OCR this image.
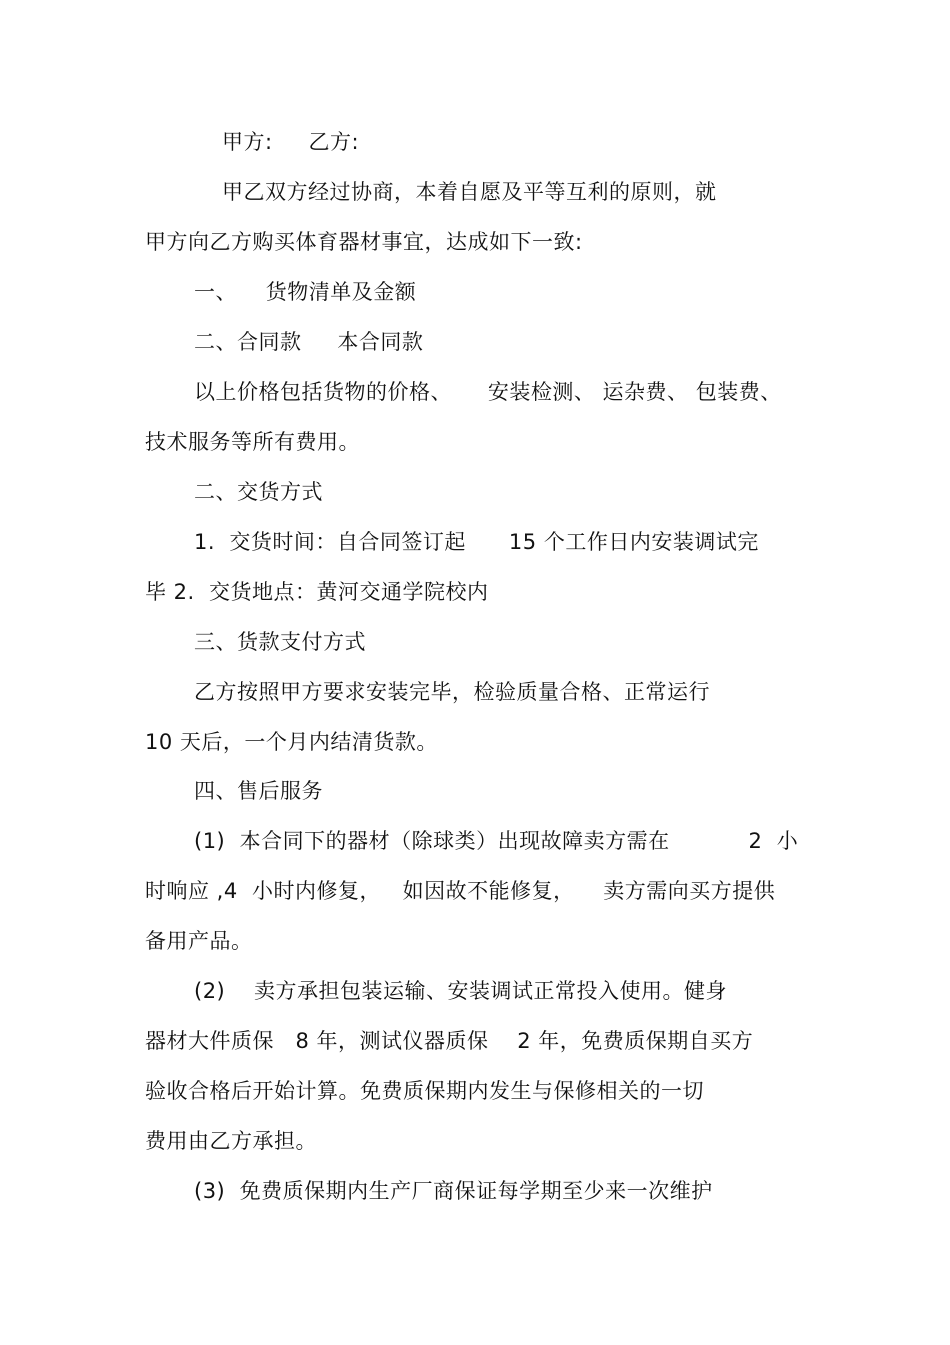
甲方:     乙方:
甲乙双方经过协商，本着自愿及平等互利的原则，就
甲方向乙方购买体育器材事宜，达成如下一致:
一、    货物清单及金额
二、合同款     本合同款
以上价格包括货物的价格、     安装检测、 运杂费、 包装费、
技术服务等所有费用。
二、交货方式
1.  交货时间：自合同签订起      15 个工作日内安装调试完
毕 2.  交货地点：黄河交通学院校内
三、货款支付方式
乙方按照甲方要求安装完毕，检验质量合格、正常运行
10 天后，一个月内结清货款。
四、售后服务
(1)  本合同下的器材（除球类）出现故障卖方需在           2  小
时响应 ,4  小时内修复，   如因故不能修复，    卖方需向买方提供
备用产品。
(2)    卖方承担包装运输、安装调试正常投入使用。健身
器材大件质保   8 年，测试仪器质保    2 年，免费质保期自买方
验收合格后开始计算。免费质保期内发生与保修相关的一切
费用由乙方承担。
(3)  免费质保期内生产厂商保证每学期至少来一次维护
